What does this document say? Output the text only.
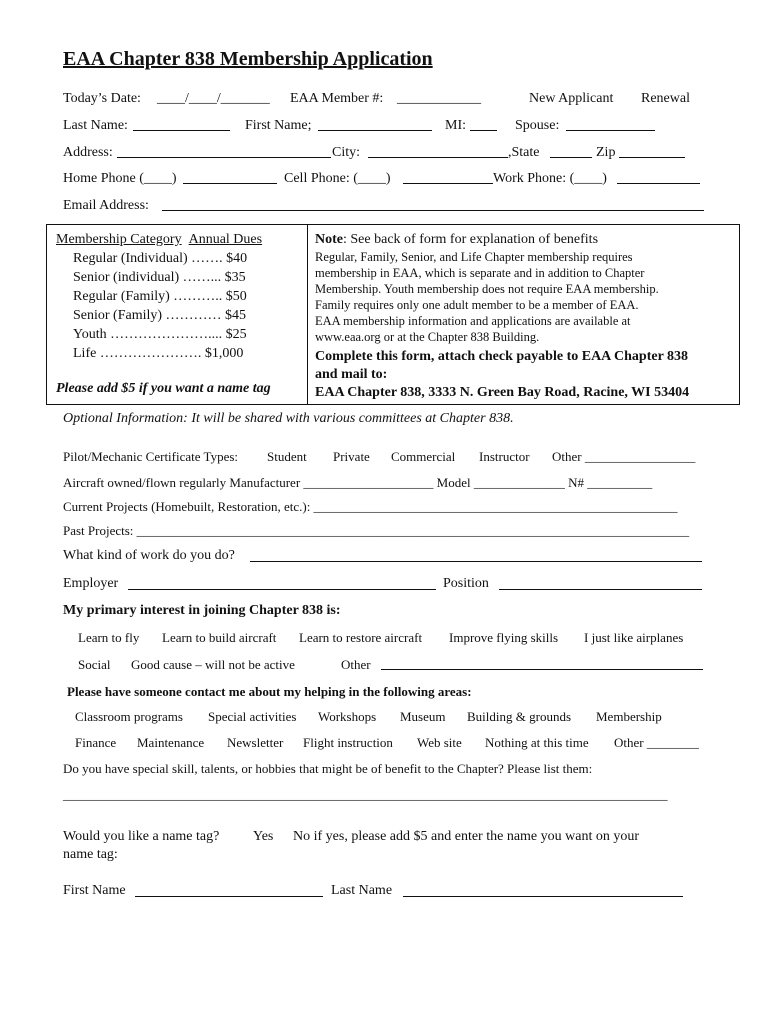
EAA Chapter 838 Membership Application
Today’s Date: ____/____/_______ EAA Member #: ____________	New Applicant Renewal
Last Name:	First Name;	MI:	Spouse:
Address:	City:	,State	Zip
Home Phone (____)	Cell Phone: (____)	Work Phone: (____)
Email Address:
Membership Category Annual Dues
Regular (Individual) ……. $40
Senior (individual) ……... $35
Regular (Family) ……….. $50
Senior (Family) ………… $45
Youth ………………….... $25
Life …………………. $1,000
Please add $5 if you want a name tag
Note: See back of form for explanation of benefits
Regular, Family, Senior, and Life Chapter membership requires
membership in EAA, which is separate and in addition to Chapter
Membership. Youth membership does not require EAA membership.
Family requires only one adult member to be a member of EAA.
EAA membership information and applications are available at
www.eaa.org or at the Chapter 838 Building.
Complete this form, attach check payable to EAA Chapter 838
and mail to:
EAA Chapter 838, 3333 N. Green Bay Road, Racine, WI 53404
Optional Information: It will be shared with various committees at Chapter 838.
Pilot/Mechanic Certificate Types: Student Private Commercial Instructor Other _________________
Aircraft owned/flown regularly Manufacturer ____________________ Model ______________ N# __________
Current Projects (Homebuilt, Restoration, etc.): ________________________________________________________
Past Projects: _____________________________________________________________________________________
What kind of work do you do?
Employer	Position
My primary interest in joining Chapter 838 is:
Learn to fly Learn to build aircraft Learn to restore aircraft Improve flying skills I just like airplanes
Social Good cause – will not be active	Other
Please have someone contact me about my helping in the following areas:
Classroom programs Special activities Workshops Museum Building & grounds Membership
Finance Maintenance Newsletter Flight instruction Web site Nothing at this time Other ________
Do you have special skill, talents, or hobbies that might be of benefit to the Chapter? Please list them:
_____________________________________________________________________________________________
Would you like a name tag? Yes No if yes, please add $5 and enter the name you want on your
name tag:
First Name	Last Name
